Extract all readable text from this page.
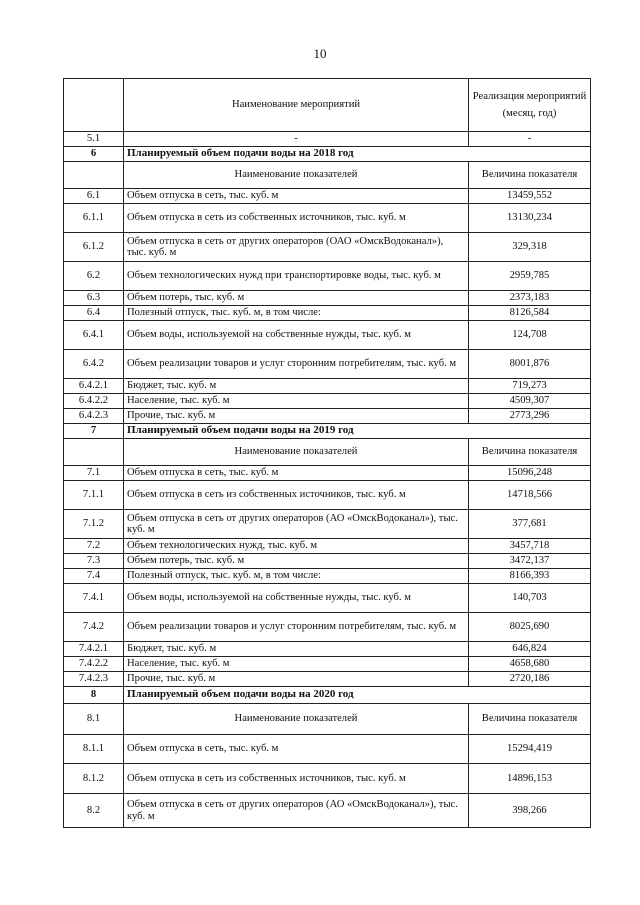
10
	Наименование мероприятий	Реализация мероприятий (месяц, год)
5.1	-	-
6	Планируемый объем подачи воды на 2018 год	
	Наименование показателей	Величина показателя
6.1	Объем отпуска в сеть, тыс. куб. м	13459,552
6.1.1	Объем отпуска в сеть из собственных источников, тыс. куб. м	13130,234
6.1.2	Объем отпуска в сеть от других операторов (ОАО «ОмскВодоканал»), тыс. куб. м	329,318
6.2	Объем технологических нужд при транспортировке воды, тыс. куб. м	2959,785
6.3	Объем потерь, тыс. куб. м	2373,183
6.4	Полезный отпуск, тыс. куб. м, в том числе:	8126,584
6.4.1	Объем воды, используемой на собственные нужды, тыс. куб. м	124,708
6.4.2	Объем реализации товаров и услуг сторонним потребителям, тыс. куб. м	8001,876
6.4.2.1	Бюджет, тыс. куб. м	719,273
6.4.2.2	Население, тыс. куб. м	4509,307
6.4.2.3	Прочие, тыс. куб. м	2773,296
7	Планируемый объем подачи воды на 2019 год	
	Наименование показателей	Величина показателя
7.1	Объем отпуска в сеть, тыс. куб. м	15096,248
7.1.1	Объем отпуска в сеть из собственных источников, тыс. куб. м	14718,566
7.1.2	Объем отпуска в сеть от других операторов (АО «ОмскВодоканал»), тыс. куб. м	377,681
7.2	Объем технологических нужд, тыс. куб. м	3457,718
7.3	Объем потерь, тыс. куб. м	3472,137
7.4	Полезный отпуск, тыс. куб. м, в том числе:	8166,393
7.4.1	Объем воды, используемой на собственные нужды, тыс. куб. м	140,703
7.4.2	Объем реализации товаров и услуг сторонним потребителям, тыс. куб. м	8025,690
7.4.2.1	Бюджет, тыс. куб. м	646,824
7.4.2.2	Население, тыс. куб. м	4658,680
7.4.2.3	Прочие, тыс. куб. м	2720,186
8	Планируемый объем подачи воды на 2020 год	
8.1	Наименование показателей	Величина показателя
8.1.1	Объем отпуска в сеть, тыс. куб. м	15294,419
8.1.2	Объем отпуска в сеть из собственных источников, тыс. куб. м	14896,153
8.2	Объем отпуска в сеть от других операторов (АО «ОмскВодоканал»), тыс. куб. м	398,266
